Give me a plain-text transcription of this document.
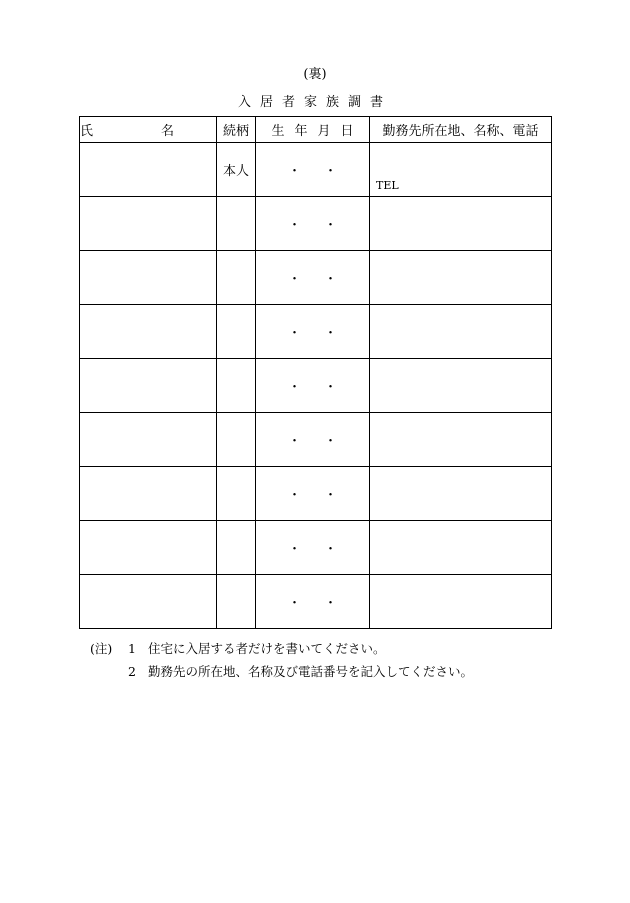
(裏)
入居者家族調書
氏 名	続柄	生 年 月 日	勤務先所在地、名称、電話
	本人	・ ・	TEL

		・ ・	

		・ ・	

		・ ・	

		・ ・	

		・ ・	

		・ ・	

		・ ・	

		・ ・	
(注) 1 住宅に入居する者だけを書いてください。
2 勤務先の所在地、名称及び電話番号を記入してください。
